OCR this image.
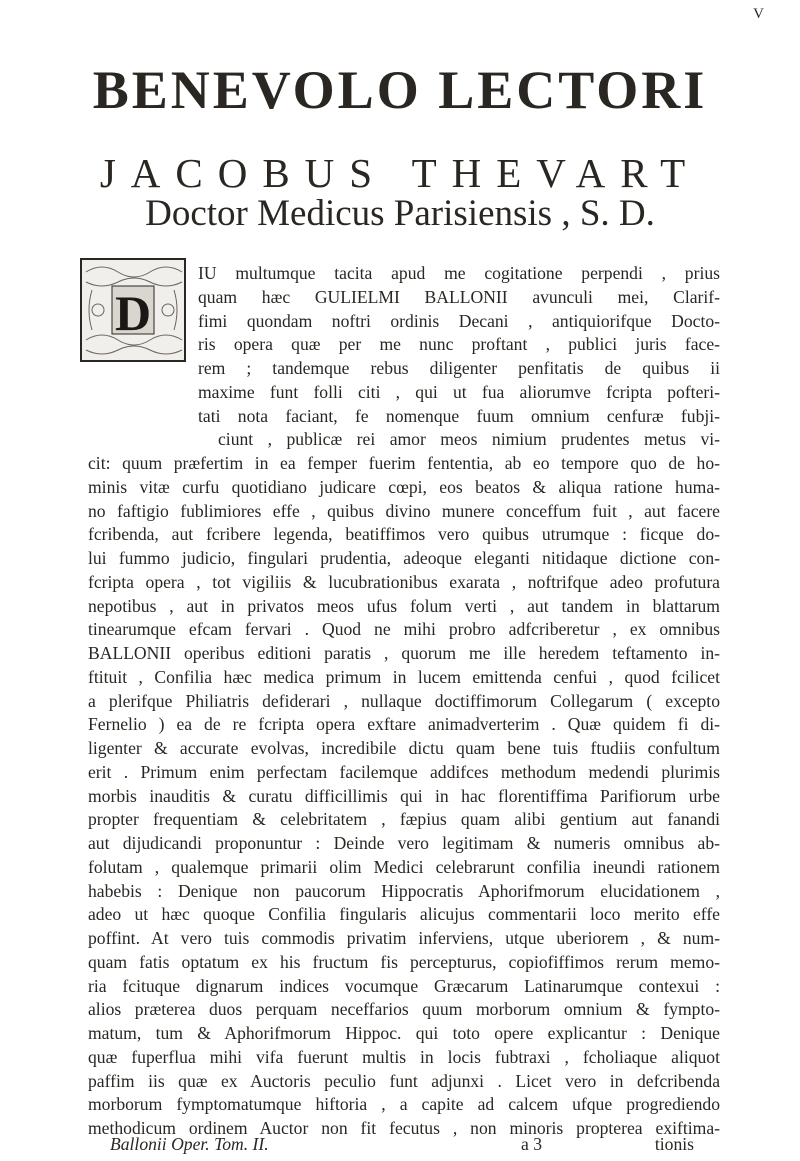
V
BENEVOLO LECTORI
JACOBUS THEVART
Doctor Medicus Parisiensis , S. D.
D
IU multumque tacita apud me cogitatione perpendi , prius
quam hæc GULIELMI BALLONII avunculi mei, Clarif-
fimi quondam noftri ordinis Decani , antiquiorifque Docto-
ris opera quæ per me nunc proftant , publici juris face-
rem ; tandemque rebus diligenter penfitatis de quibus ii
maxime funt folli citi , qui ut fua aliorumve fcripta pofteri-
tati nota faciant, fe nomenque fuum omnium cenfuræ fubji-
ciunt , publicæ rei amor meos nimium prudentes metus vi-
cit: quum præfertim in ea femper fuerim fententia, ab eo tempore quo de ho-
minis vitæ curfu quotidiano judicare cœpi, eos beatos & aliqua ratione huma-
no faftigio fublimiores effe , quibus divino munere conceffum fuit , aut facere
fcribenda, aut fcribere legenda, beatiffimos vero quibus utrumque : ficque do-
lui fummo judicio, fingulari prudentia, adeoque eleganti nitidaque dictione con-
fcripta opera , tot vigiliis & lucubrationibus exarata , noftrifque adeo profutura
nepotibus , aut in privatos meos ufus folum verti , aut tandem in blattarum
tinearumque efcam fervari . Quod ne mihi probro adfcriberetur , ex omnibus
BALLONII operibus editioni paratis , quorum me ille heredem teftamento in-
ftituit , Confilia hæc medica primum in lucem emittenda cenfui , quod fcilicet
a plerifque Philiatris defiderari , nullaque doctiffimorum Collegarum ( excepto
Fernelio ) ea de re fcripta opera exftare animadverterim . Quæ quidem fi di-
ligenter & accurate evolvas, incredibile dictu quam bene tuis ftudiis confultum
erit . Primum enim perfectam facilemque addifces methodum medendi plurimis
morbis inauditis & curatu difficillimis qui in hac florentiffima Parifiorum urbe
propter frequentiam & celebritatem , fæpius quam alibi gentium aut fanandi
aut dijudicandi proponuntur : Deinde vero legitimam & numeris omnibus ab-
folutam , qualemque primarii olim Medici celebrarunt confilia ineundi rationem
habebis : Denique non paucorum Hippocratis Aphorifmorum elucidationem ,
adeo ut hæc quoque Confilia fingularis alicujus commentarii loco merito effe
poffint. At vero tuis commodis privatim inferviens, utque uberiorem , & num-
quam fatis optatum ex his fructum fis percepturus, copiofiffimos rerum memo-
ria fcituque dignarum indices vocumque Græcarum Latinarumque contexui :
alios præterea duos perquam neceffarios quum morborum omnium & fympto-
matum, tum & Aphorifmorum Hippoc. qui toto opere explicantur : Denique
quæ fuperflua mihi vifa fuerunt multis in locis fubtraxi , fcholiaque aliquot
paffim iis quæ ex Auctoris peculio funt adjunxi . Licet vero in defcribenda
morborum fymptomatumque hiftoria , a capite ad calcem ufque progrediendo
methodicum ordinem Auctor non fit fecutus , non minoris propterea exiftima-
Ballonii Oper. Tom. II.	a 3	tionis
